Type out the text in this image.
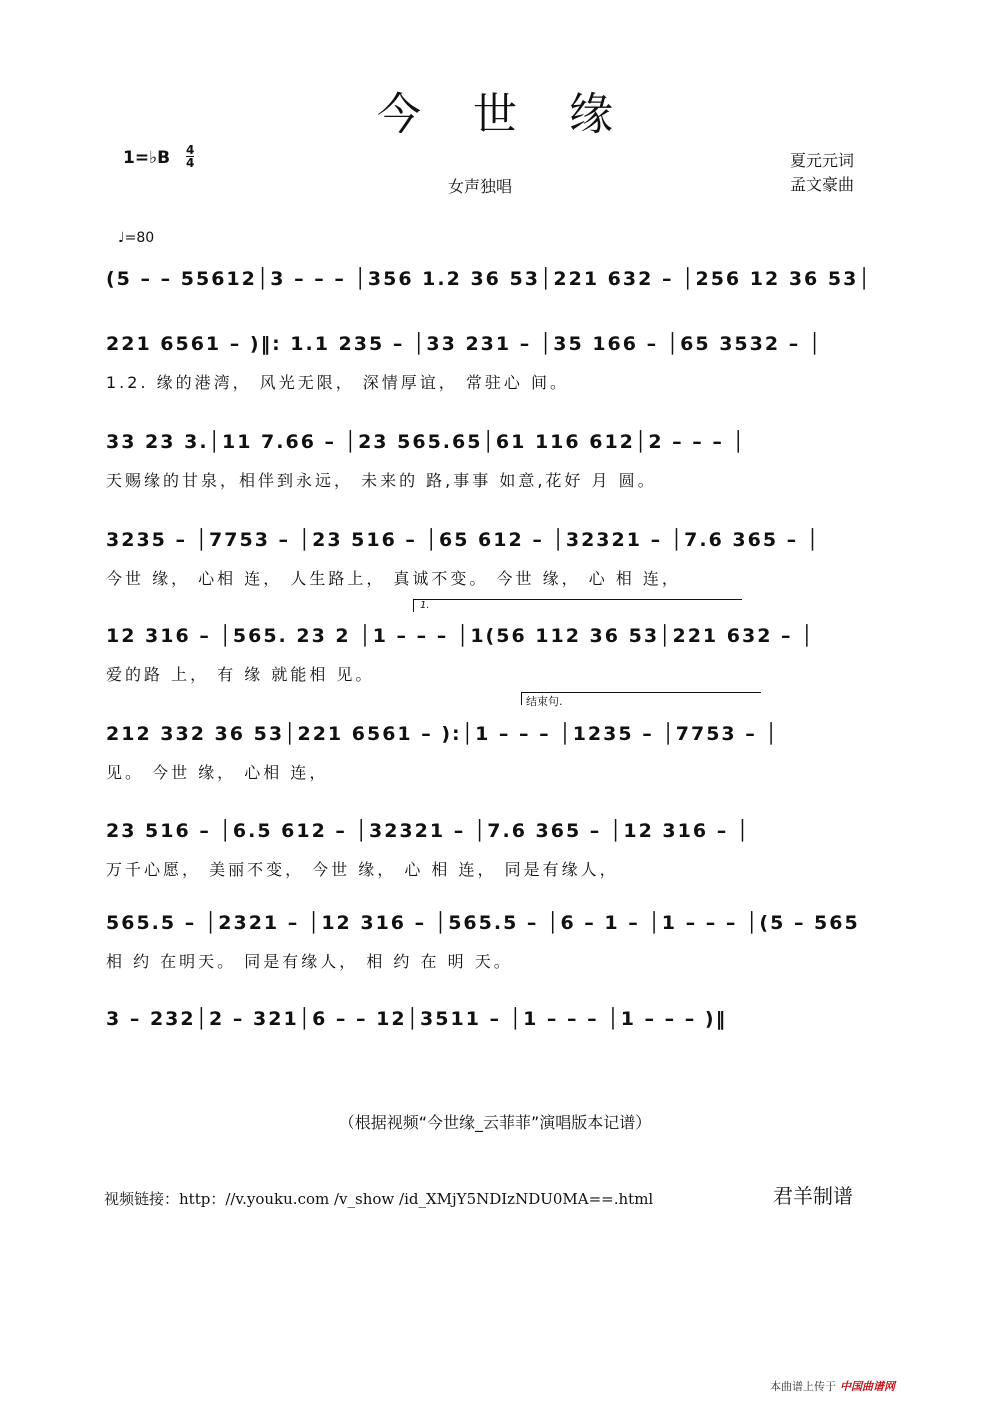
今世缘
1=♭B 4
4
女声独唱
夏元元词
孟文豪曲
♩=80
1.
结束句.
(5 – – 55612│3 – – – │356 1.2 36 53│221 632 – │256 12 36 53│
221 6561 – )‖: 1.1 235 – │33 231 – │35 166 – │65 3532 – │
1.2. 缘的港湾， 风光无限， 深情厚谊， 常驻心 间。
33 23 3.│11 7.66 – │23 565.65│61 116 612│2 – – – │
天赐缘的甘泉，相伴到永远， 未来的 路,事事 如意,花好 月 圆。
3235 – │7753 – │23 516 – │65 612 – │32321 – │7.6 365 – │
今世 缘， 心相 连， 人生路上， 真诚不变。 今世 缘， 心 相 连，
12 316 – │565. 23 2 │1 – – – │1(56 112 36 53│221 632 – │
爱的路 上， 有 缘 就能相 见。
212 332 36 53│221 6561 – ):│1 – – – │1235 – │7753 – │
见。 今世 缘， 心相 连，
23 516 – │6.5 612 – │32321 – │7.6 365 – │12 316 – │
万千心愿， 美丽不变， 今世 缘， 心 相 连， 同是有缘人，
565.5 – │2321 – │12 316 – │565.5 – │6 – 1 – │1 – – – │(5 – 565
相 约 在明天。 同是有缘人， 相 约 在 明 天。
3 – 232│2 – 321│6 – – 12│3511 – │1 – – – │1 – – – )‖
（根据视频“今世缘_云菲菲”演唱版本记谱）
视频链接：http：//v.youku.com /v_show /id_XMjY5NDIzNDU0MA==.html	君羊制谱
本曲谱上传于 中国曲谱网
